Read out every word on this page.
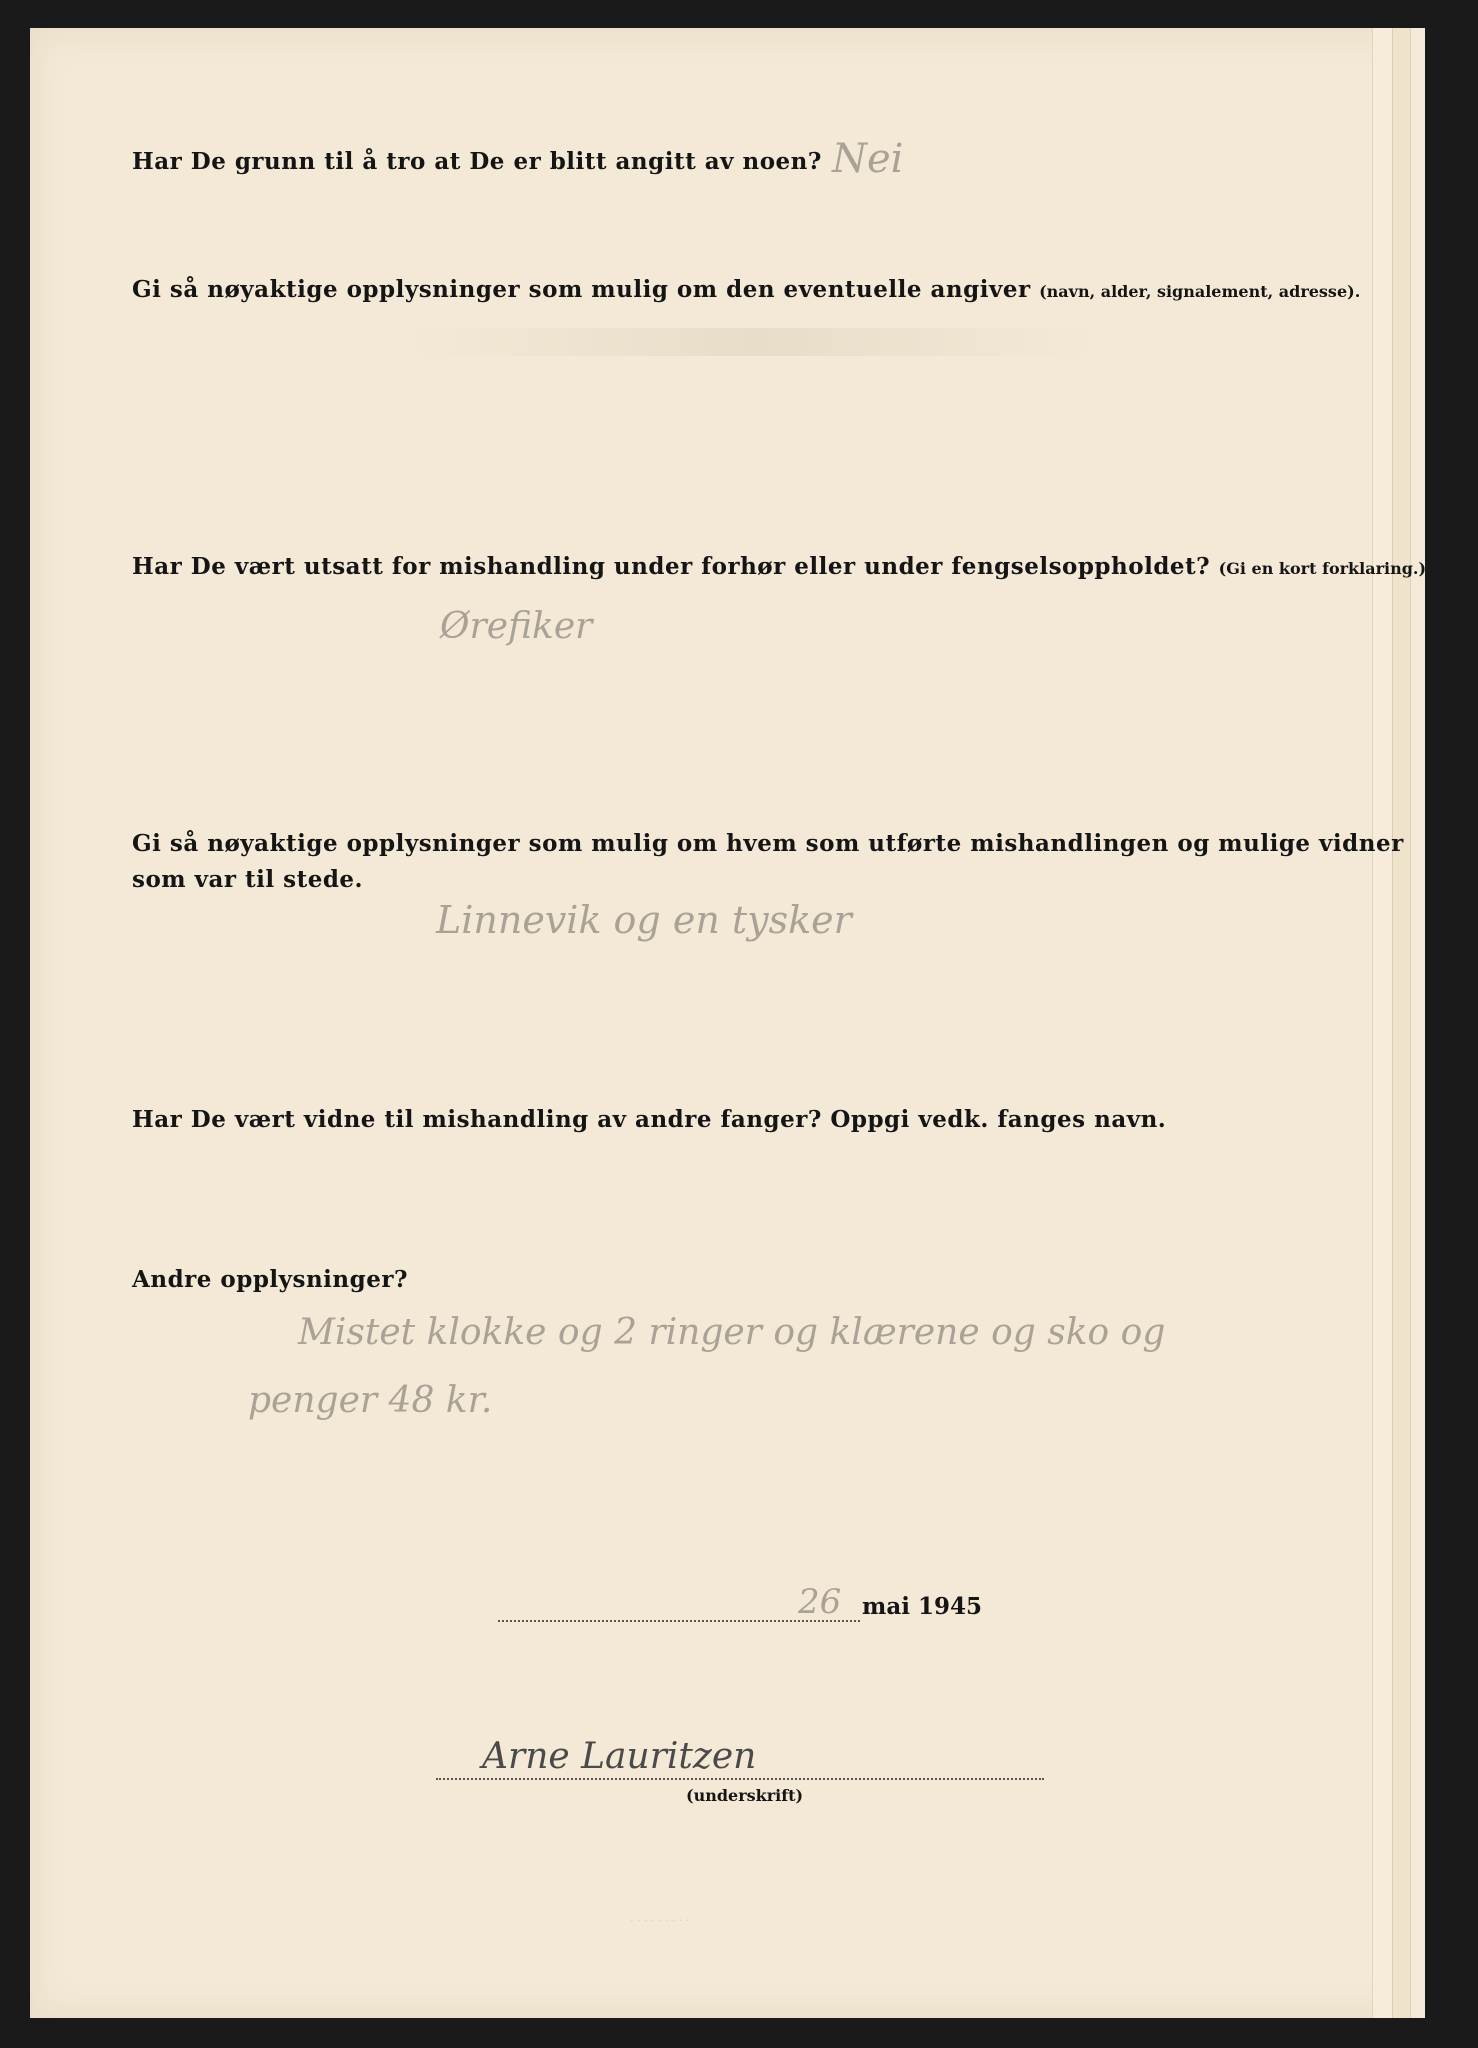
Har De grunn til å tro at De er blitt angitt av noen? Nei

Gi så nøyaktige opplysninger som mulig om den eventuelle angiver (navn, alder, signalement, adresse).

Har De vært utsatt for mishandling under forhør eller under fengselsoppholdet? (Gi en kort forklaring.)

Ørefiker

Gi så nøyaktige opplysninger som mulig om hvem som utførte mishandlingen og mulige vidner

som var til stede.

Linnevik og en tysker

Har De vært vidne til mishandling av andre fanger? Oppgi vedk. fanges navn.

Andre opplysninger?

Mistet klokke og 2 ringer og klærene og sko og

penger 48 kr.

26 mai 1945

Arne Lauritzen

(underskrift)

· · · · · · · · ·
